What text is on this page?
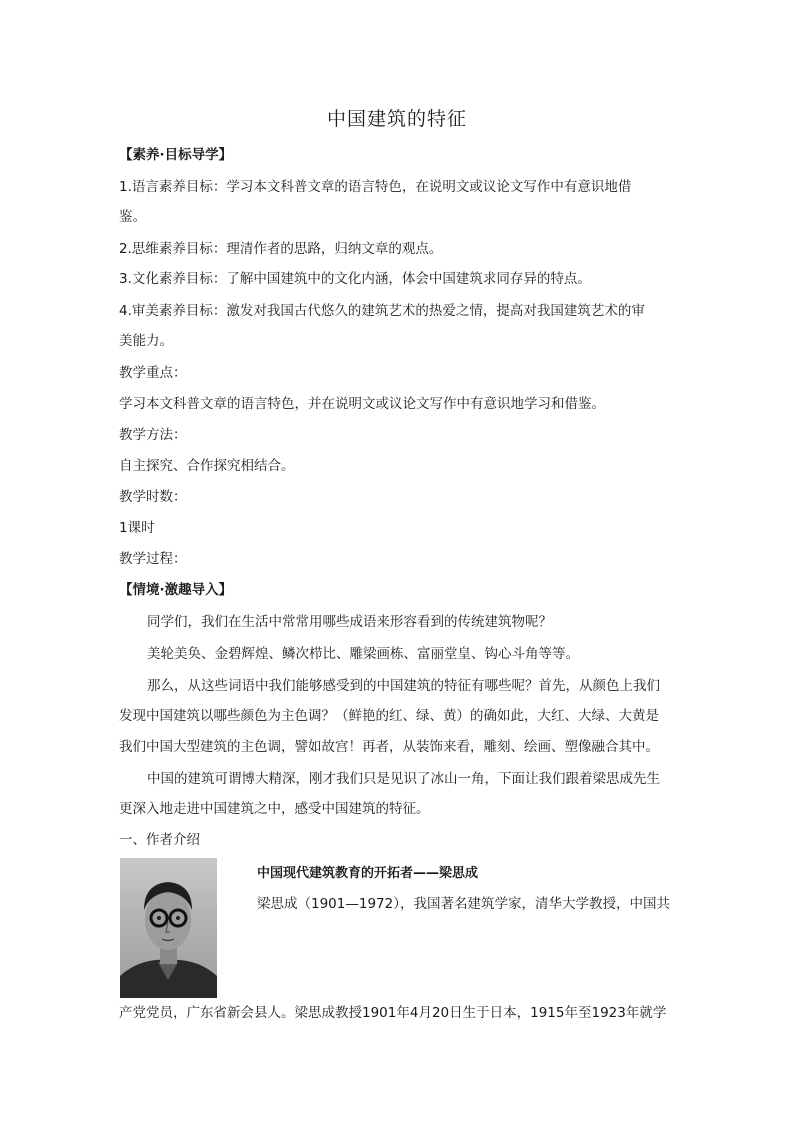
中国建筑的特征
【素养·目标导学】
1.语言素养目标：学习本文科普文章的语言特色，在说明文或议论文写作中有意识地借
鉴。
2.思维素养目标：理清作者的思路，归纳文章的观点。
3.文化素养目标：了解中国建筑中的文化内涵，体会中国建筑求同存异的特点。
4.审美素养目标：激发对我国古代悠久的建筑艺术的热爱之情，提高对我国建筑艺术的审
美能力。
教学重点：
学习本文科普文章的语言特色，并在说明文或议论文写作中有意识地学习和借鉴。
教学方法：
自主探究、合作探究相结合。
教学时数：
1课时
教学过程：
【情境·激趣导入】
同学们，我们在生活中常常用哪些成语来形容看到的传统建筑物呢？
美轮美奂、金碧辉煌、鳞次栉比、雕梁画栋、富丽堂皇、钩心斗角等等。
那么，从这些词语中我们能够感受到的中国建筑的特征有哪些呢？首先，从颜色上我们
发现中国建筑以哪些颜色为主色调？（鲜艳的红、绿、黄）的确如此，大红、大绿、大黄是
我们中国大型建筑的主色调，譬如故宫！再者，从装饰来看，雕刻、绘画、塑像融合其中。
中国的建筑可谓博大精深，刚才我们只是见识了冰山一角，下面让我们跟着梁思成先生
更深入地走进中国建筑之中，感受中国建筑的特征。
一、作者介绍
中国现代建筑教育的开拓者——梁思成
梁思成（1901—1972），我国著名建筑学家，清华大学教授，中国共
产党党员，广东省新会县人。梁思成教授1901年4月20日生于日本，1915年至1923年就学
